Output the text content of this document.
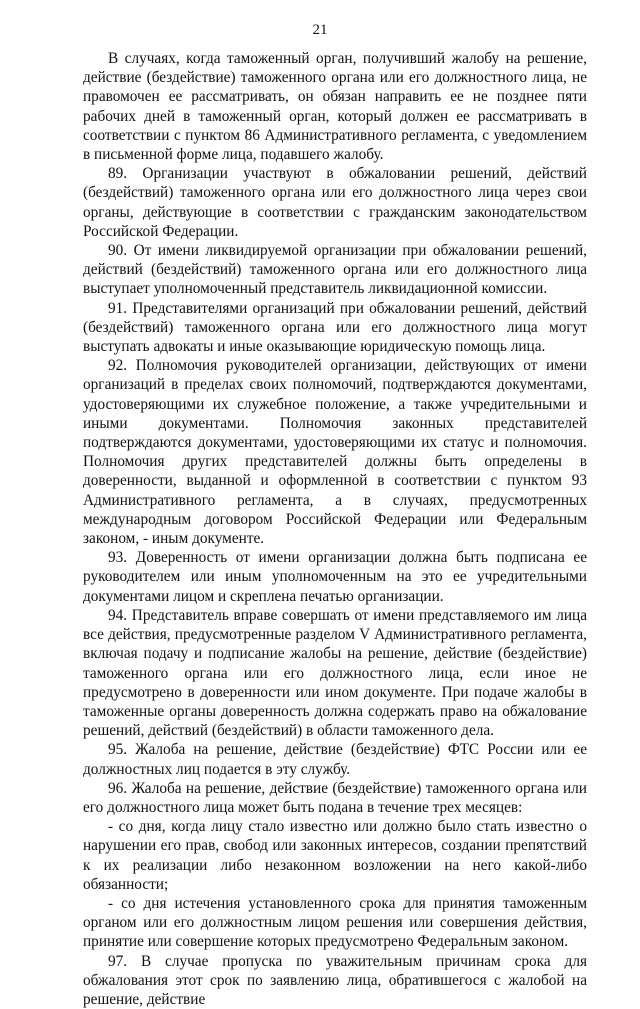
21

В случаях, когда таможенный орган, получивший жалобу на решение, действие (бездействие) таможенного органа или его должностного лица, не правомочен ее рассматривать, он обязан направить ее не позднее пяти рабочих дней в таможенный орган, который должен ее рассматривать в соответствии с пунктом 86 Административного регламента, с уведомлением в письменной форме лица, подавшего жалобу.

89. Организации участвуют в обжаловании решений, действий (бездействий) таможенного органа или его должностного лица через свои органы, действующие в соответствии с гражданским законодательством Российской Федерации.

90. От имени ликвидируемой организации при обжаловании решений, действий (бездействий) таможенного органа или его должностного лица выступает уполномоченный представитель ликвидационной комиссии.

91. Представителями организаций при обжаловании решений, действий (бездействий) таможенного органа или его должностного лица могут выступать адвокаты и иные оказывающие юридическую помощь лица.

92. Полномочия руководителей организации, действующих от имени организаций в пределах своих полномочий, подтверждаются документами, удостоверяющими их служебное положение, а также учредительными и иными документами. Полномочия законных представителей подтверждаются документами, удостоверяющими их статус и полномочия. Полномочия других представителей должны быть определены в доверенности, выданной и оформленной в соответствии с пунктом 93 Административного регламента, а в случаях, предусмотренных международным договором Российской Федерации или Федеральным законом, - иным документе.

93. Доверенность от имени организации должна быть подписана ее руководителем или иным уполномоченным на это ее учредительными документами лицом и скреплена печатью организации.

94. Представитель вправе совершать от имени представляемого им лица все действия, предусмотренные разделом V Административного регламента, включая подачу и подписание жалобы на решение, действие (бездействие) таможенного органа или его должностного лица, если иное не предусмотрено в доверенности или ином документе. При подаче жалобы в таможенные органы доверенность должна содержать право на обжалование решений, действий (бездействий) в области таможенного дела.

95. Жалоба на решение, действие (бездействие) ФТС России или ее должностных лиц подается в эту службу.

96. Жалоба на решение, действие (бездействие) таможенного органа или его должностного лица может быть подана в течение трех месяцев:

- со дня, когда лицу стало известно или должно было стать известно о нарушении его прав, свобод или законных интересов, создании препятствий к их реализации либо незаконном возложении на него какой-либо обязанности;

- со дня истечения установленного срока для принятия таможенным органом или его должностным лицом решения или совершения действия, принятие или совершение которых предусмотрено Федеральным законом.

97. В случае пропуска по уважительным причинам срока для обжалования этот срок по заявлению лица, обратившегося с жалобой на решение, действие
